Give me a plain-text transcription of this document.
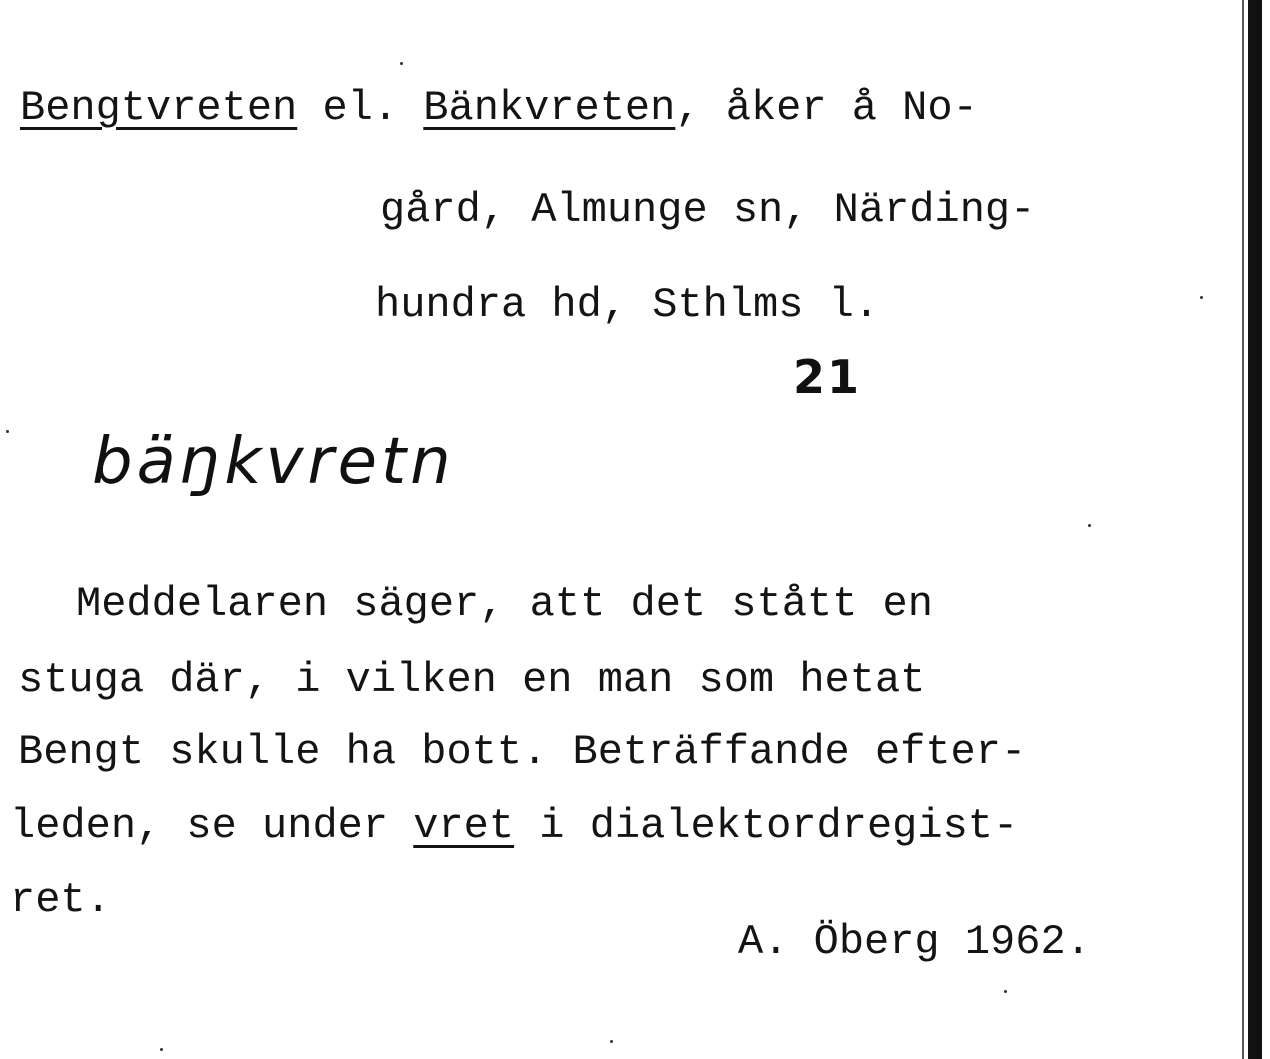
Bengtvreten el. Bänkvreten, åker å No-
gård, Almunge sn, Närding-
hundra hd, Sthlms l.
21
bäŋkvretn
Meddelaren säger, att det stått en
stuga där, i vilken en man som hetat
Bengt skulle ha bott. Beträffande efter-
leden, se under vret i dialektordregist-
ret.
A. Öberg 1962.
